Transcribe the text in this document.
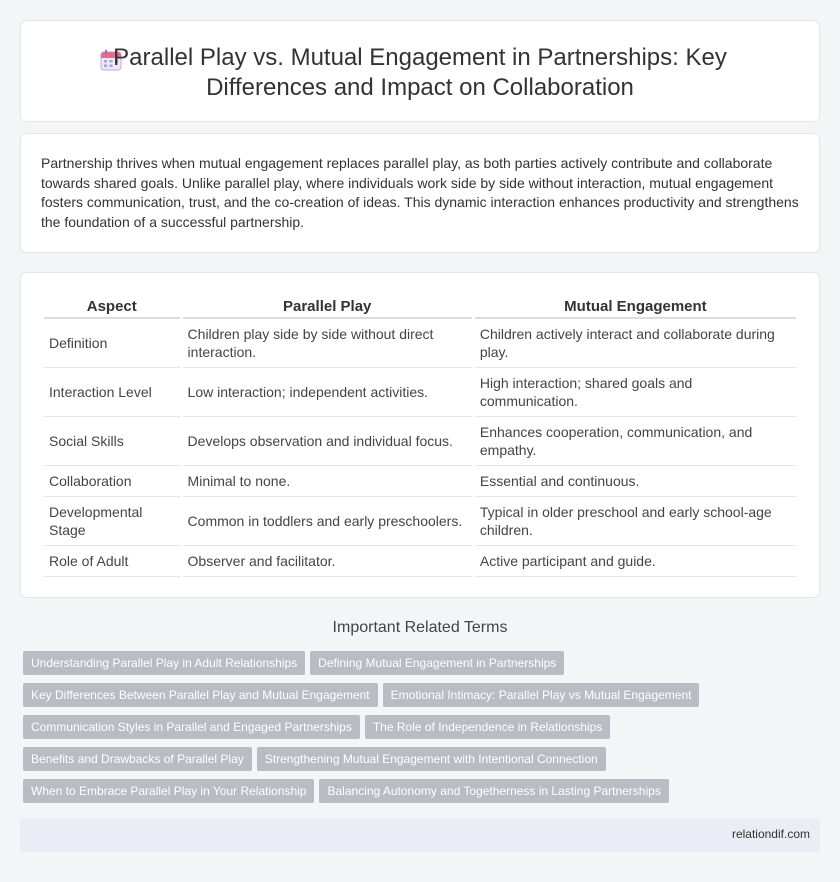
Parallel Play vs. Mutual Engagement in Partnerships: Key Differences and Impact on Collaboration

Partnership thrives when mutual engagement replaces parallel play, as both parties actively contribute and collaborate towards shared goals. Unlike parallel play, where individuals work side by side without interaction, mutual engagement fosters communication, trust, and the co-creation of ideas. This dynamic interaction enhances productivity and strengthens the foundation of a successful partnership.

Aspect	Parallel Play	Mutual Engagement
Definition	Children play side by side without direct interaction.	Children actively interact and collaborate during play.
Interaction Level	Low interaction; independent activities.	High interaction; shared goals and communication.
Social Skills	Develops observation and individual focus.	Enhances cooperation, communication, and empathy.
Collaboration	Minimal to none.	Essential and continuous.
Developmental Stage	Common in toddlers and early preschoolers.	Typical in older preschool and early school-age children.
Role of Adult	Observer and facilitator.	Active participant and guide.
Important Related Terms
Understanding Parallel Play in Adult Relationships Defining Mutual Engagement in Partnerships
Key Differences Between Parallel Play and Mutual Engagement Emotional Intimacy: Parallel Play vs Mutual Engagement
Communication Styles in Parallel and Engaged Partnerships The Role of Independence in Relationships
Benefits and Drawbacks of Parallel Play Strengthening Mutual Engagement with Intentional Connection
When to Embrace Parallel Play in Your Relationship Balancing Autonomy and Togetherness in Lasting Partnerships
relationdif.com
